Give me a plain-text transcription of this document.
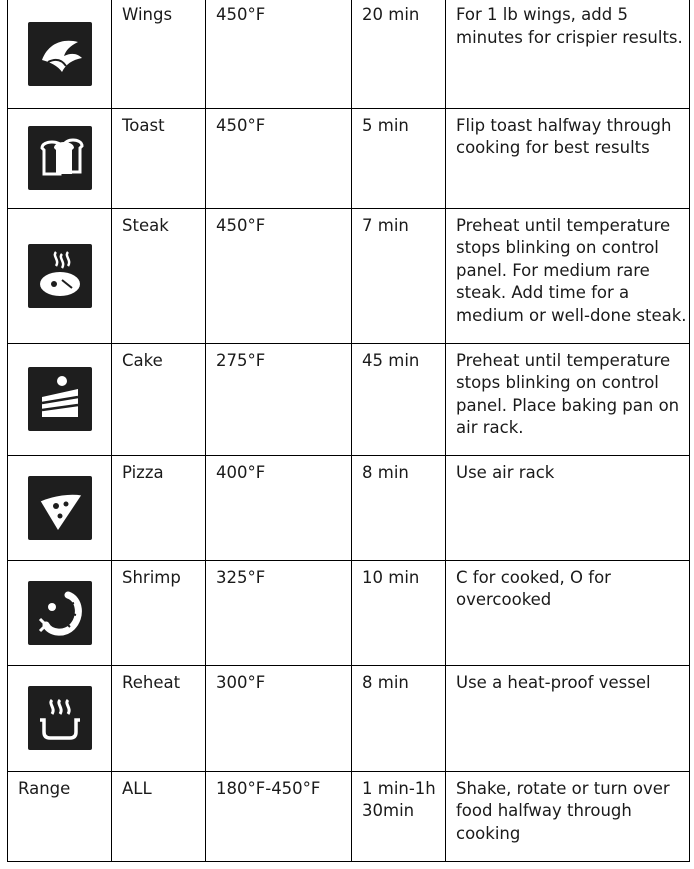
	Wings	450°F	20 min	For 1 lb wings, add 5 minutes for crispier results.

	Toast	450°F	5 min	Flip toast halfway through cooking for best results

	Steak	450°F	7 min	Preheat until temperature stops blinking on control panel. For medium rare steak. Add time for a medium or well-done steak.

	Cake	275°F	45 min	Preheat until temperature stops blinking on control panel. Place baking pan on air rack.

	Pizza	400°F	8 min	Use air rack

	Shrimp	325°F	10 min	C for cooked, O for overcooked

	Reheat	300°F	8 min	Use a heat-proof vessel
Range	ALL	180°F-450°F	1 min-1h 30min	Shake, rotate or turn over food halfway through cooking
